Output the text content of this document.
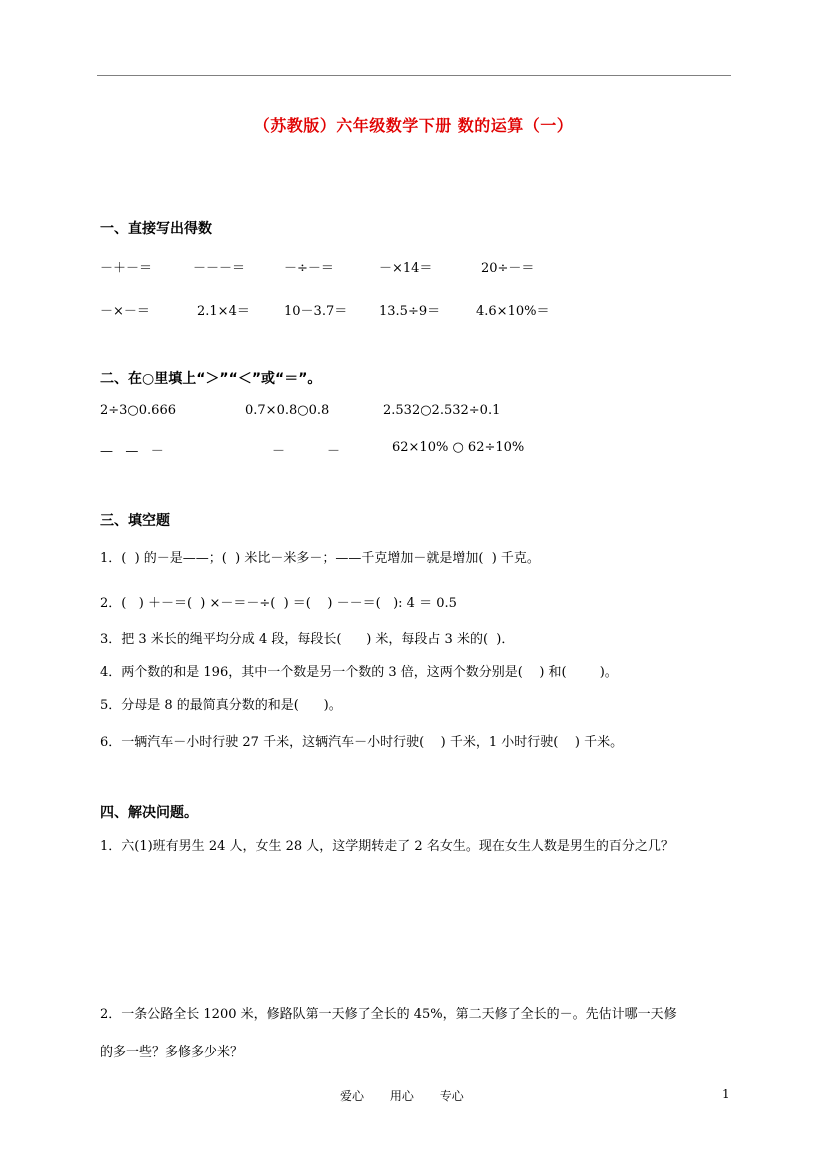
（苏教版）六年级数学下册 数的运算（一）
一、直接写出得数
－＋－＝	－－－＝	－÷－＝	－×14＝	20÷－＝
－×－＝	2.1×4＝	10－3.7＝ 13.5÷9＝	4.6×10%＝
二、在○里填上“＞”“＜”或“＝”。
2÷3○0.666	0.7×0.8○0.8	2.532○2.532÷0.1
—   —   －	－	－	62×10% ○ 62÷10%
三、填空题
1．(  ) 的－是——；(  ) 米比－米多－；——千克增加－就是增加(  ) 千克。
2．(   ) ＋－＝(  ) ×－＝－÷(  ) ＝(    ) －－＝(   ): 4 ＝ 0.5
3．把 3 米长的绳平均分成 4 段，每段长(      ) 米，每段占 3 米的(  )．
4．两个数的和是 196，其中一个数是另一个数的 3 倍，这两个数分别是(    ) 和(        )。
5．分母是 8 的最简真分数的和是(      )。
6．一辆汽车－小时行驶 27 千米，这辆汽车－小时行驶(    ) 千米，1 小时行驶(    ) 千米。
四、解决问题。
1．六(1)班有男生 24 人，女生 28 人，这学期转走了 2 名女生。现在女生人数是男生的百分之几？
2．一条公路全长 1200 米，修路队第一天修了全长的 45%，第二天修了全长的－。先估计哪一天修
的多一些？多修多少米？
爱心 用心 专心	1
